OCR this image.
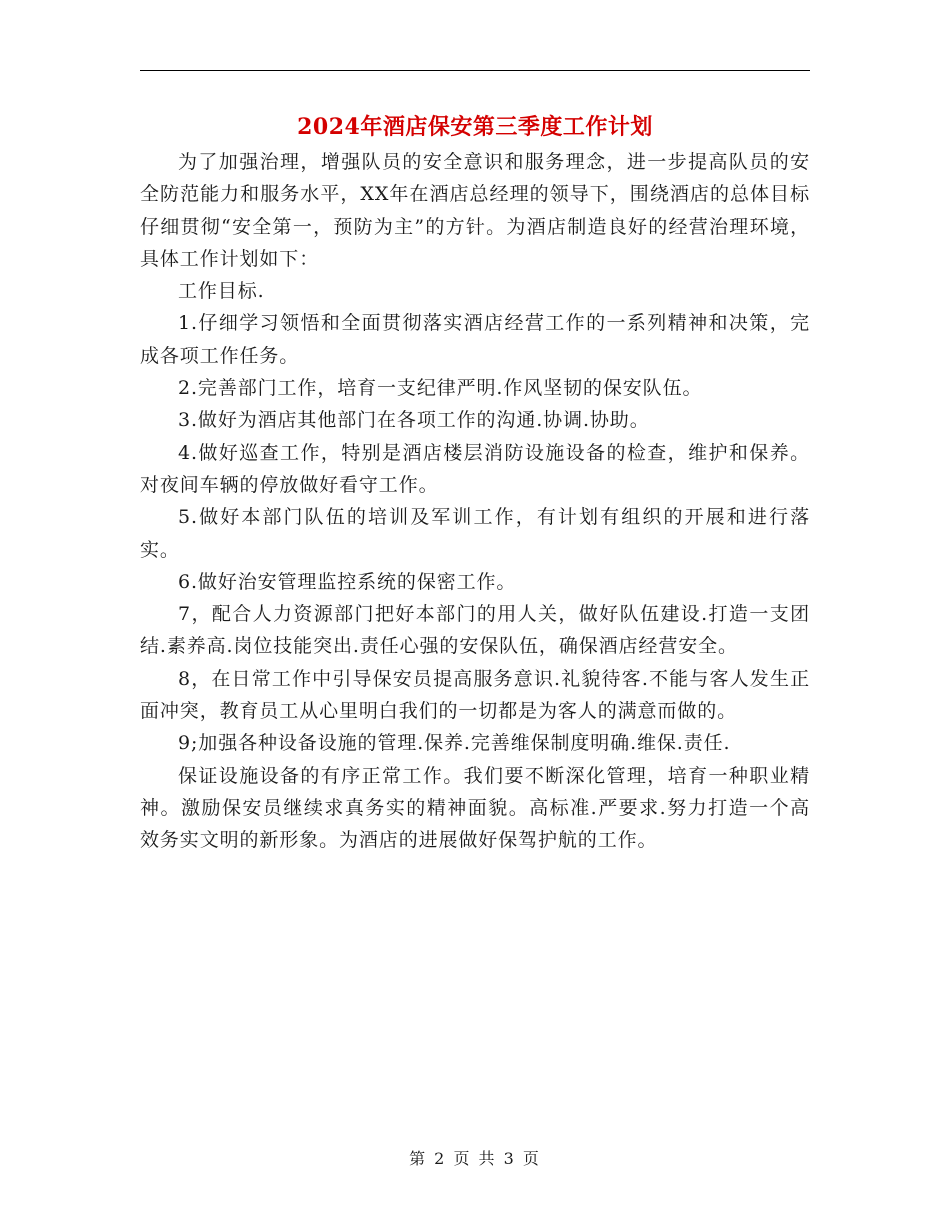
2024年酒店保安第三季度工作计划

为了加强治理，增强队员的安全意识和服务理念，进一步提高队员的安全防范能力和服务水平，XX年在酒店总经理的领导下，围绕酒店的总体目标仔细贯彻“安全第一，预防为主”的方针。为酒店制造良好的经营治理环境，具体工作计划如下：

工作目标.

1.仔细学习领悟和全面贯彻落实酒店经营工作的一系列精神和决策，完成各项工作任务。

2.完善部门工作，培育一支纪律严明.作风坚韧的保安队伍。

3.做好为酒店其他部门在各项工作的沟通.协调.协助。

4.做好巡查工作，特别是酒店楼层消防设施设备的检查，维护和保养。对夜间车辆的停放做好看守工作。

5.做好本部门队伍的培训及军训工作，有计划有组织的开展和进行落实。

6.做好治安管理监控系统的保密工作。

7，配合人力资源部门把好本部门的用人关，做好队伍建设.打造一支团结.素养高.岗位技能突出.责任心强的安保队伍，确保酒店经营安全。

8，在日常工作中引导保安员提高服务意识.礼貌待客.不能与客人发生正面冲突，教育员工从心里明白我们的一切都是为客人的满意而做的。

9;加强各种设备设施的管理.保养.完善维保制度明确.维保.责任.

保证设施设备的有序正常工作。我们要不断深化管理，培育一种职业精神。激励保安员继续求真务实的精神面貌。高标准.严要求.努力打造一个高效务实文明的新形象。为酒店的进展做好保驾护航的工作。

第 2 页 共 3 页
